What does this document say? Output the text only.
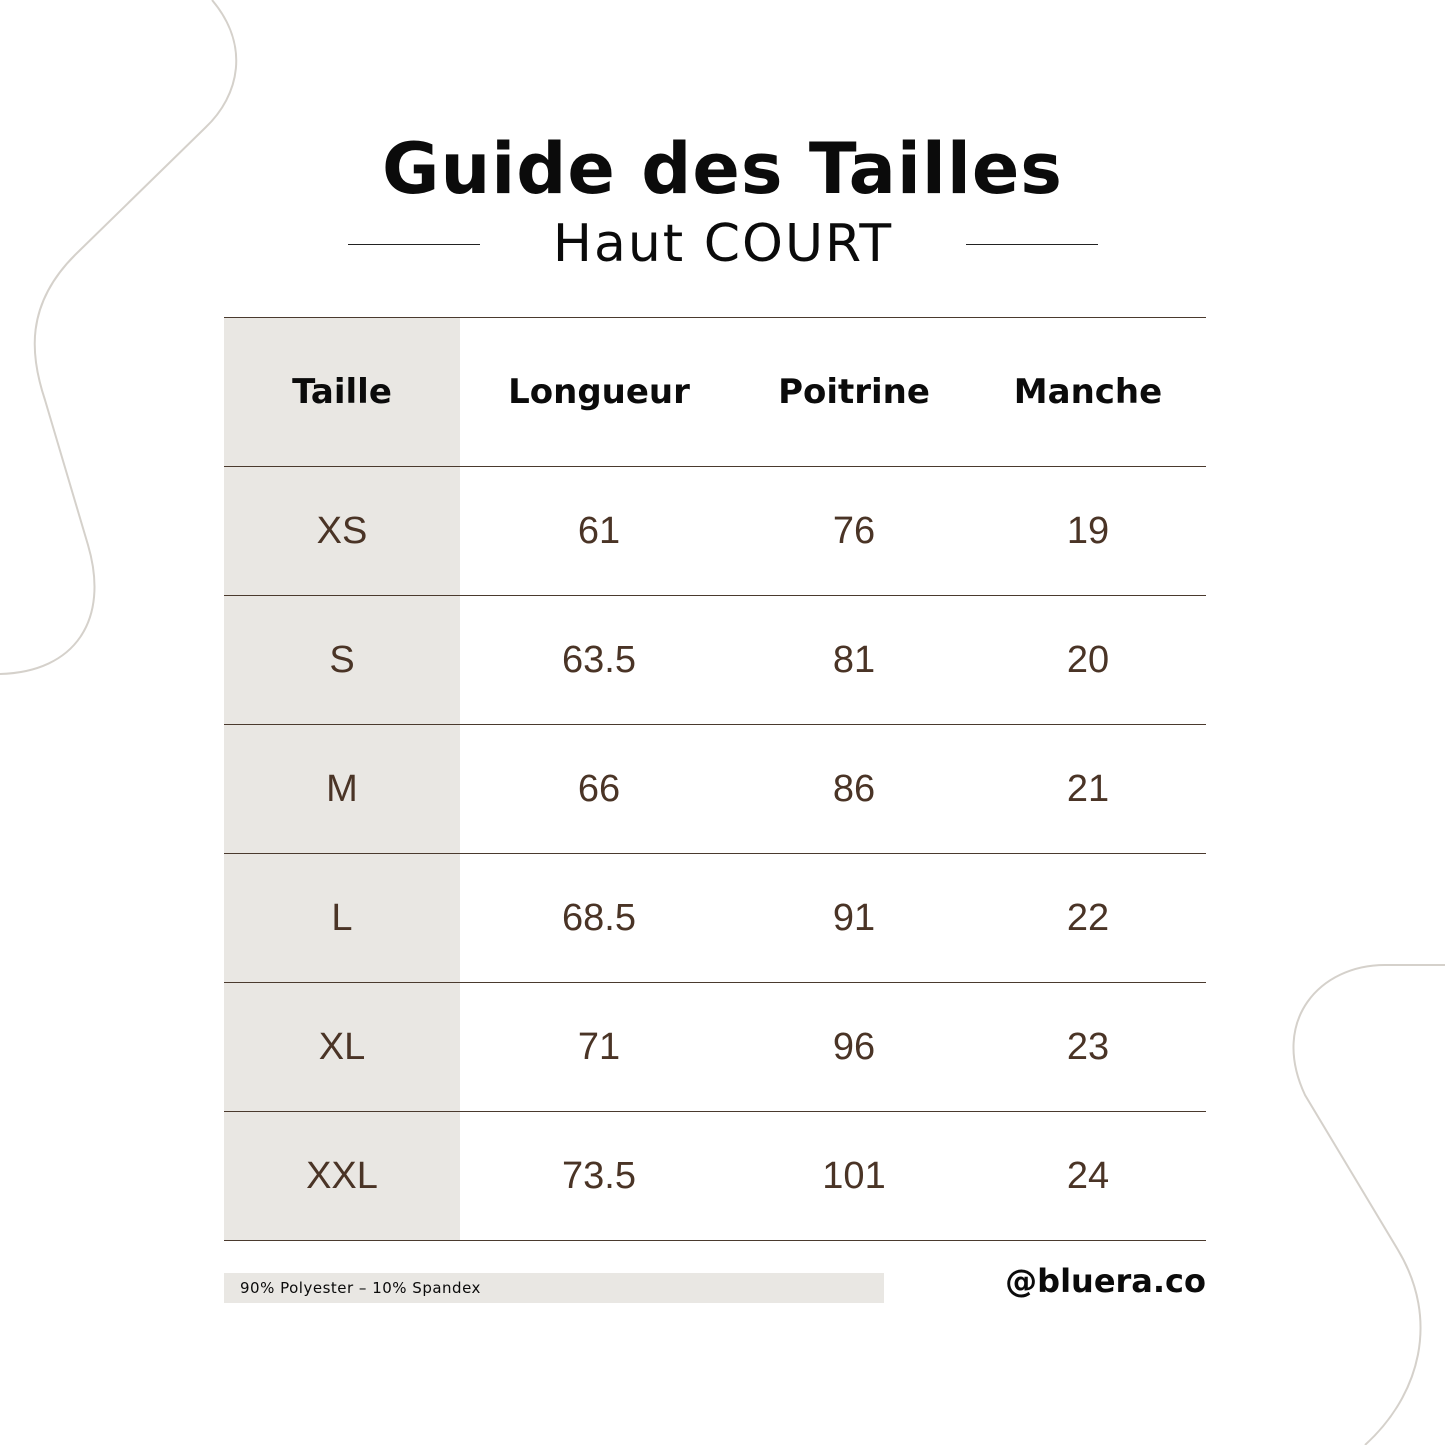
Guide des Tailles
Haut COURT
Taille	Longueur	Poitrine	Manche
XS	61	76	19
S	63.5	81	20
M	66	86	21
L	68.5	91	22
XL	71	96	23
XXL	73.5	101	24
90% Polyester – 10% Spandex	@bluera.co
